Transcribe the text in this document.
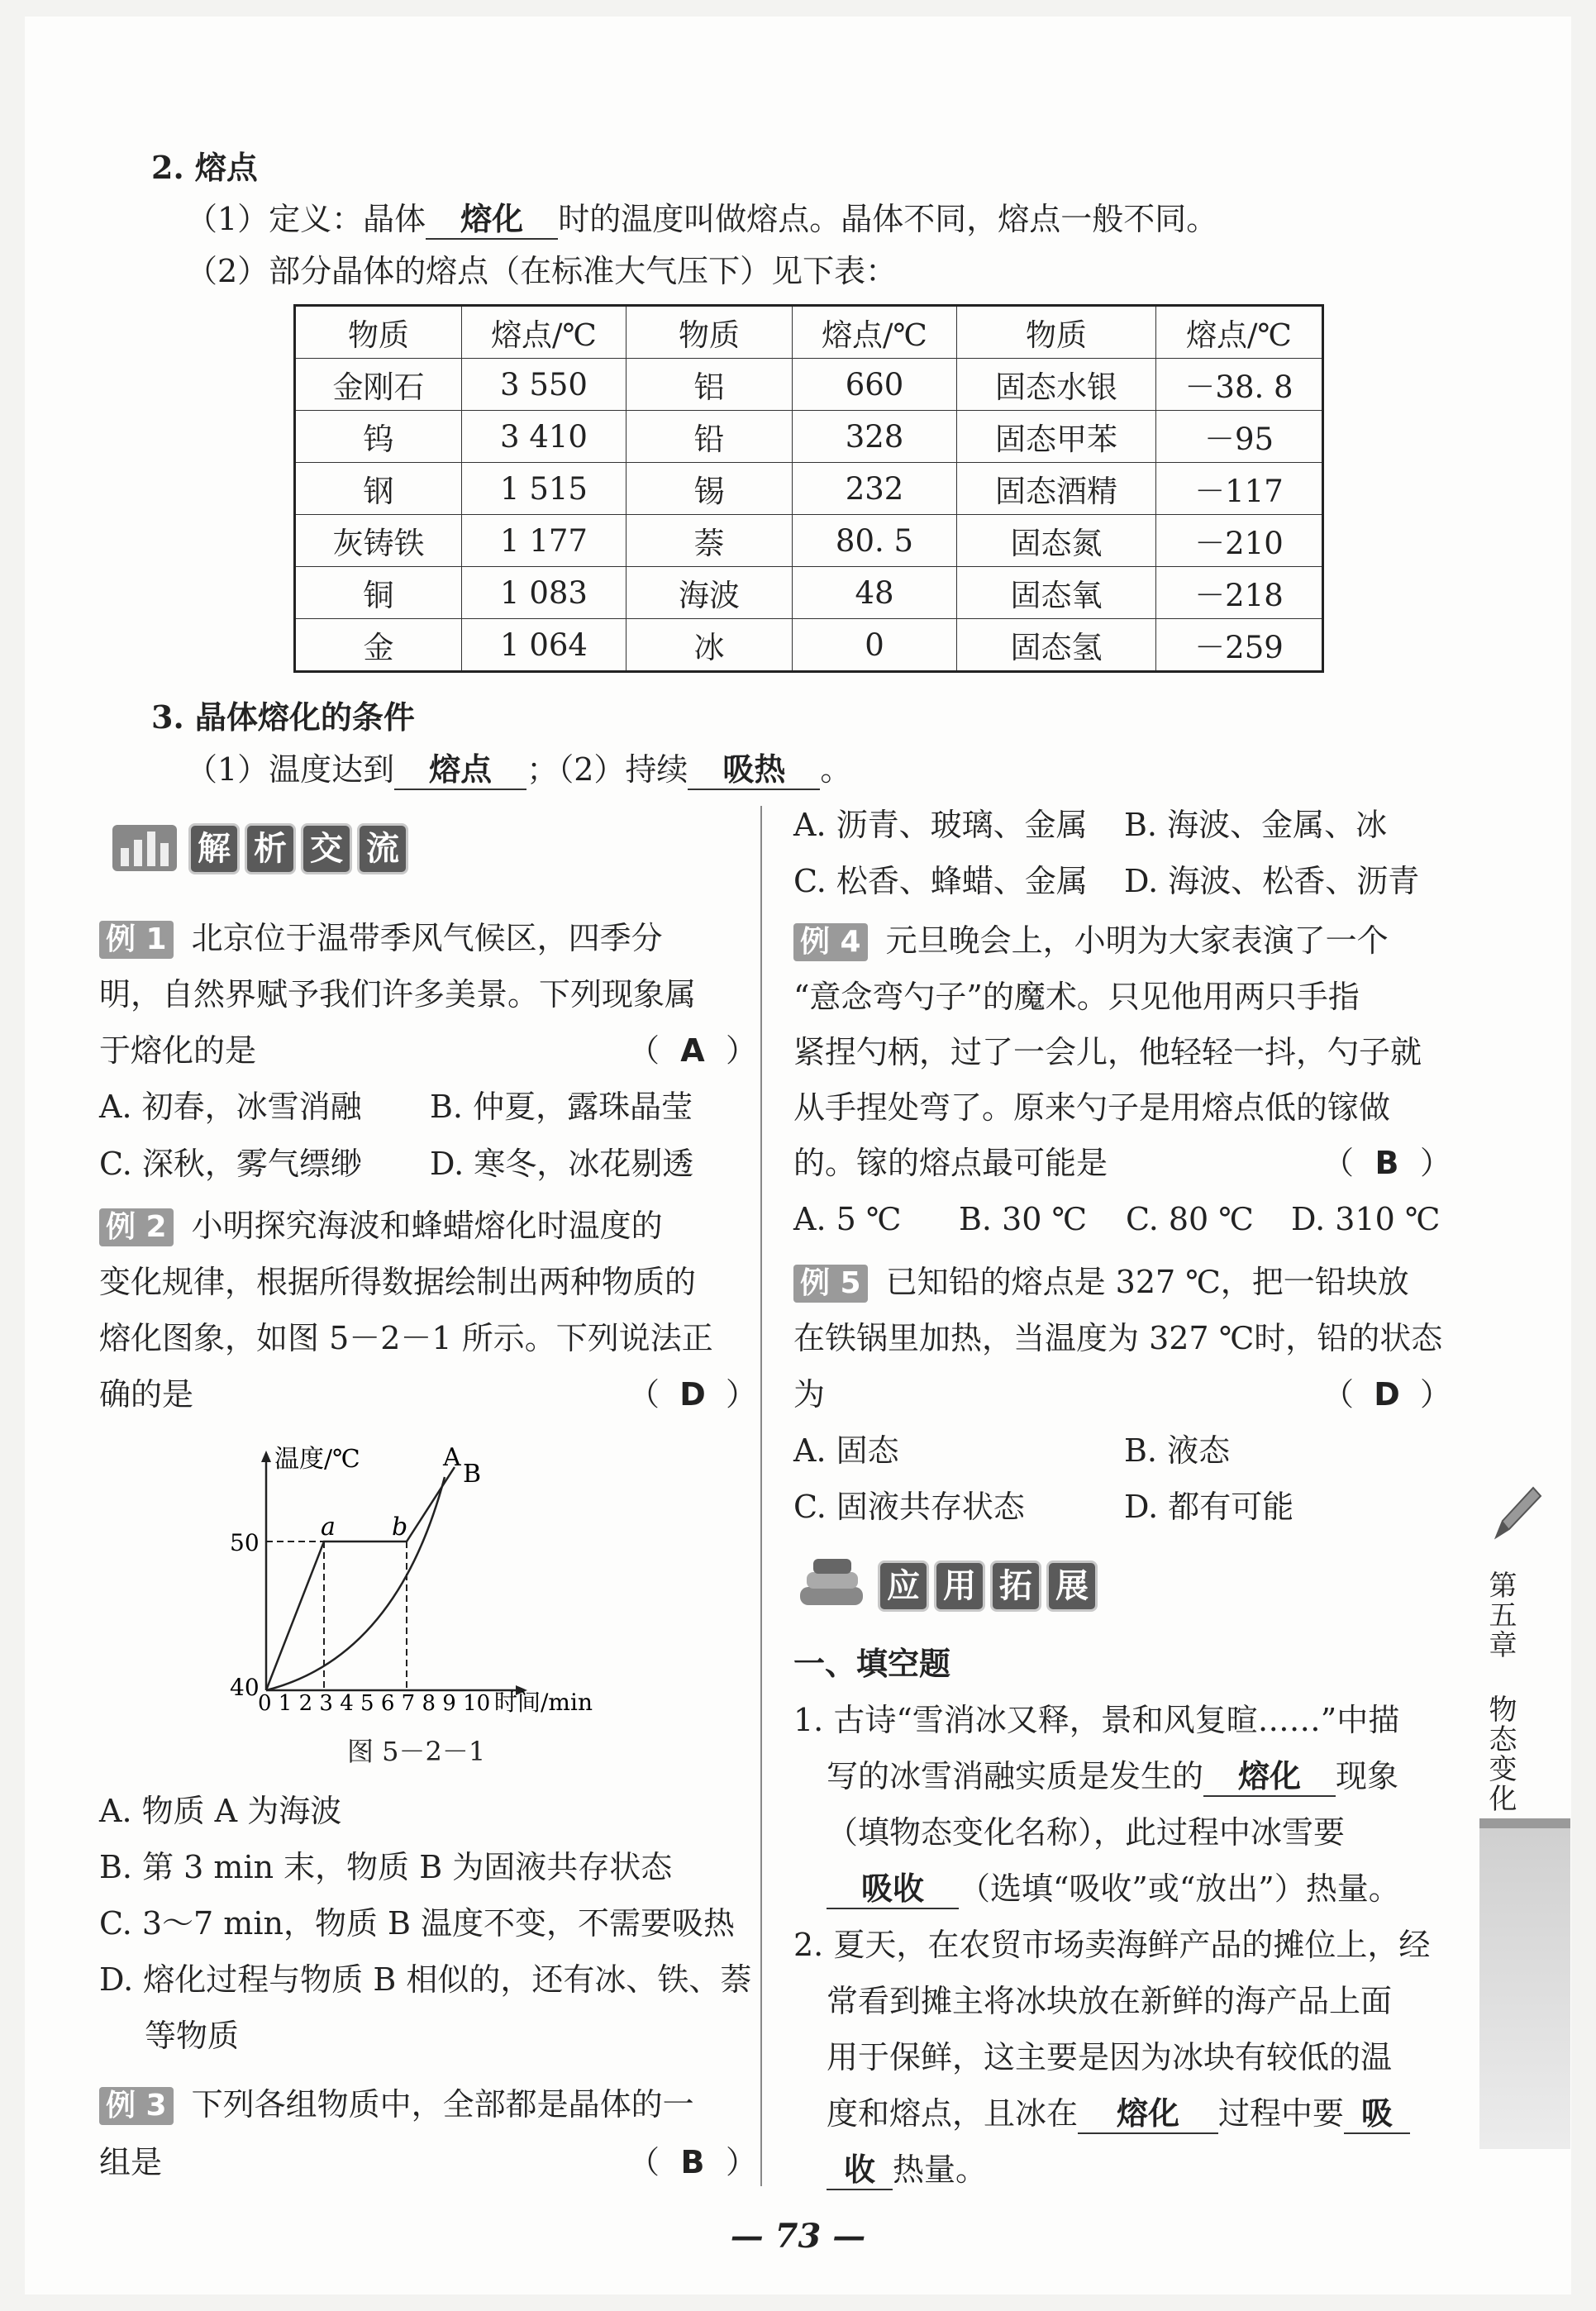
2. 熔点
（1）定义：晶体 熔化 时的温度叫做熔点。晶体不同，熔点一般不同。
（2）部分晶体的熔点（在标准大气压下）见下表：
物质	熔点/℃	物质	熔点/℃	物质	熔点/℃
金刚石	3 550	铝	660	固态水银	－38. 8
钨	3 410	铅	328	固态甲苯	－95
钢	1 515	锡	232	固态酒精	－117
灰铸铁	1 177	萘	80. 5	固态氮	－210
铜	1 083	海波	48	固态氧	－218
金	1 064	冰	0	固态氢	－259
3. 晶体熔化的条件
（1）温度达到 熔点 ；（2）持续 吸热 。
解 析 交 流
例 1 北京位于温带季风气候区，四季分
明，自然界赋予我们许多美景。下列现象属
于熔化的是	（ A ）
A. 初春，冰雪消融 B. 仲夏，露珠晶莹
C. 深秋，雾气缥缈 D. 寒冬，冰花剔透
例 2 小明探究海波和蜂蜡熔化时温度的
变化规律，根据所得数据绘制出两种物质的
熔化图象，如图 5－2－1 所示。下列说法正
确的是	（ D ）
温度/℃
50
40
0 1 2 3 4 5 6 7 8 9 10 时间/min
A
B
a b
图 5－2－1
A. 物质 A 为海波
B. 第 3 min 末，物质 B 为固液共存状态
C. 3～7 min，物质 B 温度不变，不需要吸热
D. 熔化过程与物质 B 相似的，还有冰、铁、萘
等物质
例 3 下列各组物质中，全部都是晶体的一
组是	（ B ）
A. 沥青、玻璃、金属 B. 海波、金属、冰
C. 松香、蜂蜡、金属 D. 海波、松香、沥青
例 4 元旦晚会上，小明为大家表演了一个
“意念弯勺子”的魔术。只见他用两只手指
紧捏勺柄，过了一会儿，他轻轻一抖，勺子就
从手捏处弯了。原来勺子是用熔点低的镓做
的。镓的熔点最可能是	（ B ）
A. 5 ℃ B. 30 ℃ C. 80 ℃ D. 310 ℃
例 5 已知铅的熔点是 327 ℃，把一铅块放
在铁锅里加热，当温度为 327 ℃时，铅的状态
为	（ D ）
A. 固态	B. 液态
C. 固液共存状态	D. 都有可能
应 用 拓 展
一、填空题
1. 古诗“雪消冰又释，景和风复暄……”中描
写的冰雪消融实质是发生的 熔化 现象
（填物态变化名称），此过程中冰雪要
吸收 （选填“吸收”或“放出”）热量。
2. 夏天，在农贸市场卖海鲜产品的摊位上，经
常看到摊主将冰块放在新鲜的海产品上面
用于保鲜，这主要是因为冰块有较低的温
度和熔点，且冰在 熔化 过程中要 吸
收 热量。
第五章
物态变化
— 73 —
